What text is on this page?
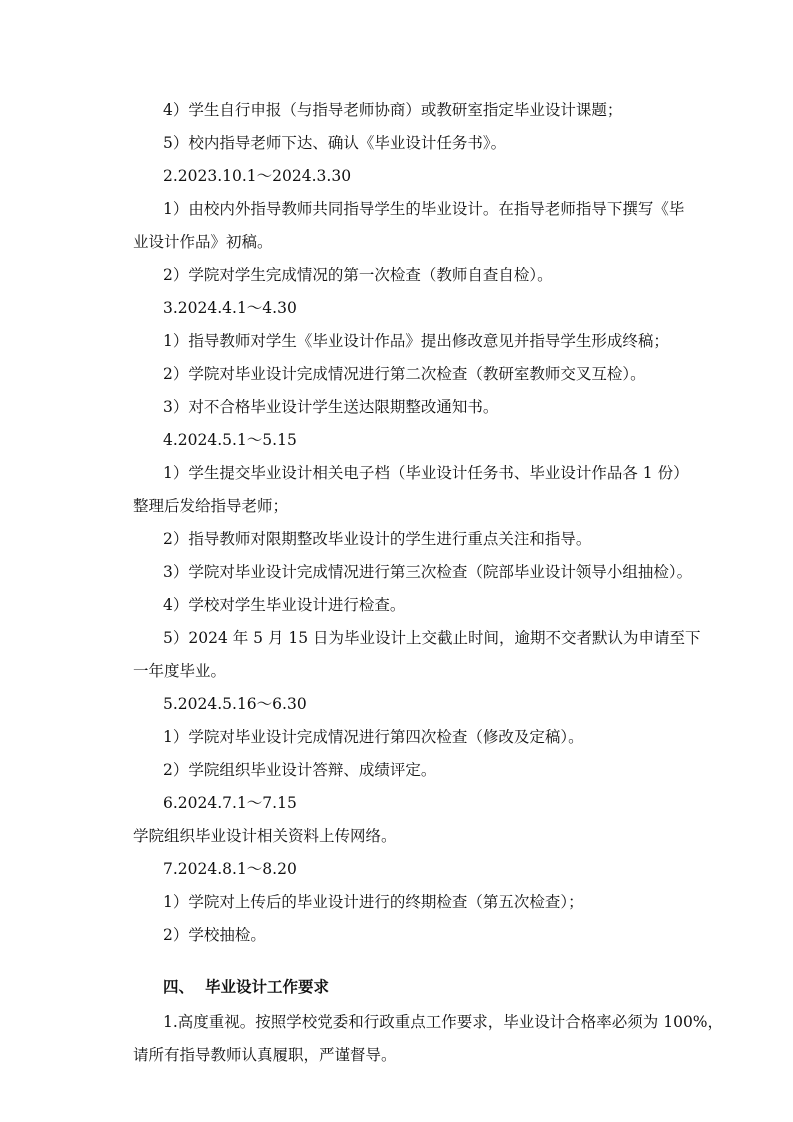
4）学生自行申报（与指导老师协商）或教研室指定毕业设计课题；
5）校内指导老师下达、确认《毕业设计任务书》。
2.2023.10.1～2024.3.30
1）由校内外指导教师共同指导学生的毕业设计。在指导老师指导下撰写《毕
业设计作品》初稿。
2）学院对学生完成情况的第一次检查（教师自查自检）。
3.2024.4.1～4.30
1）指导教师对学生《毕业设计作品》提出修改意见并指导学生形成终稿；
2）学院对毕业设计完成情况进行第二次检查（教研室教师交叉互检）。
3）对不合格毕业设计学生送达限期整改通知书。
4.2024.5.1～5.15
1）学生提交毕业设计相关电子档（毕业设计任务书、毕业设计作品各 1 份）
整理后发给指导老师；
2）指导教师对限期整改毕业设计的学生进行重点关注和指导。
3）学院对毕业设计完成情况进行第三次检查（院部毕业设计领导小组抽检）。
4）学校对学生毕业设计进行检查。
5）2024 年 5 月 15 日为毕业设计上交截止时间，逾期不交者默认为申请至下
一年度毕业。
5.2024.5.16～6.30
1）学院对毕业设计完成情况进行第四次检查（修改及定稿）。
2）学院组织毕业设计答辩、成绩评定。
6.2024.7.1～7.15
学院组织毕业设计相关资料上传网络。
7.2024.8.1～8.20
1）学院对上传后的毕业设计进行的终期检查（第五次检查）；
2）学校抽检。
四、 毕业设计工作要求
1.高度重视。按照学校党委和行政重点工作要求，毕业设计合格率必须为 100%，
请所有指导教师认真履职，严谨督导。
